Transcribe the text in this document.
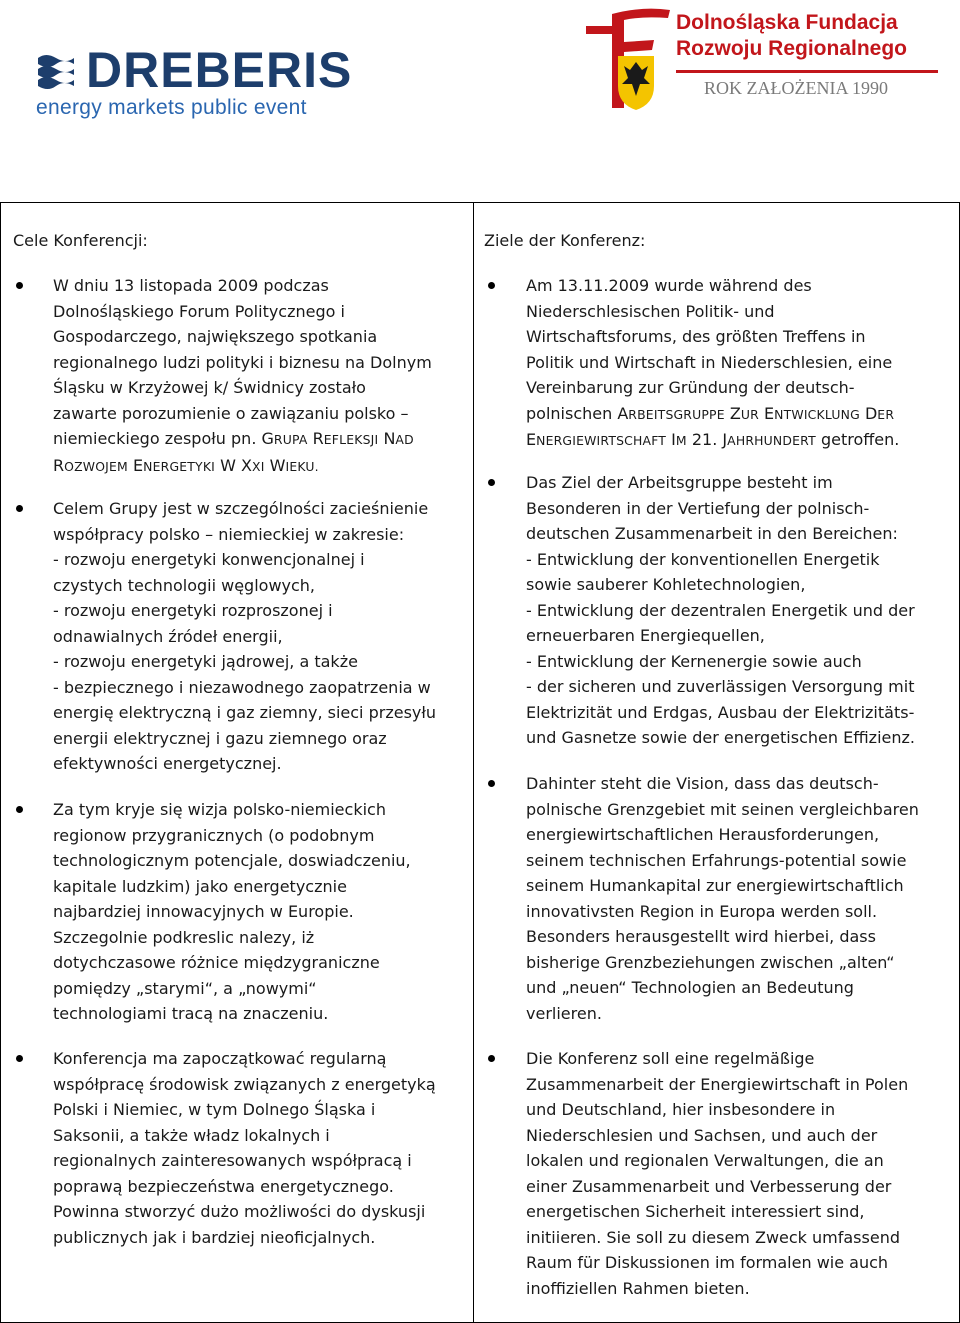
DREBERIS
energy markets public event
Dolnośląska Fundacja
Rozwoju Regionalnego
ROK ZAŁOŻENIA 1990
Cele Konferencji:
W dniu 13 listopada 2009 podczas
Dolnośląskiego Forum Politycznego i
Gospodarczego, największego spotkania
regionalnego ludzi polityki i biznesu na Dolnym
Śląsku w Krzyżowej k/ Świdnicy zostało
zawarte porozumienie o zawiązaniu polsko –
niemieckiego zespołu pn. GRUPA REFLEKSJI NAD
ROZWOJEM ENERGETYKI W XXI WIEKU.
Celem Grupy jest w szczególności zacieśnienie
współpracy polsko – niemieckiej w zakresie:
- rozwoju energetyki konwencjonalnej i
czystych technologii węglowych,
- rozwoju energetyki rozproszonej i
odnawialnych źródeł energii,
- rozwoju energetyki jądrowej, a także
- bezpiecznego i niezawodnego zaopatrzenia w
energię elektryczną i gaz ziemny, sieci przesyłu
energii elektrycznej i gazu ziemnego oraz
efektywności energetycznej.
Za tym kryje się wizja polsko-niemieckich
regionow przygranicznych (o podobnym
technologicznym potencjale, doswiadczeniu,
kapitale ludzkim) jako energetycznie
najbardziej innowacyjnych w Europie.
Szczegolnie podkreslic nalezy, iż
dotychczasowe różnice międzygraniczne
pomiędzy „starymi“, a „nowymi“
technologiami tracą na znaczeniu.
Konferencja ma zapoczątkować regularną
współpracę środowisk związanych z energetyką
Polski i Niemiec, w tym Dolnego Śląska i
Saksonii, a także władz lokalnych i
regionalnych zainteresowanych współpracą i
poprawą bezpieczeństwa energetycznego.
Powinna stworzyć dużo możliwości do dyskusji
publicznych jak i bardziej nieoficjalnych.
Ziele der Konferenz:
Am 13.11.2009 wurde während des
Niederschlesischen Politik- und
Wirtschaftsforums, des größten Treffens in
Politik und Wirtschaft in Niederschlesien, eine
Vereinbarung zur Gründung der deutsch-
polnischen ARBEITSGRUPPE ZUR ENTWICKLUNG DER
ENERGIEWIRTSCHAFT IM 21. JAHRHUNDERT getroffen.
Das Ziel der Arbeitsgruppe besteht im
Besonderen in der Vertiefung der polnisch-
deutschen Zusammenarbeit in den Bereichen:
- Entwicklung der konventionellen Energetik
sowie sauberer Kohletechnologien,
- Entwicklung der dezentralen Energetik und der
erneuerbaren Energiequellen,
- Entwicklung der Kernenergie sowie auch
- der sicheren und zuverlässigen Versorgung mit
Elektrizität und Erdgas, Ausbau der Elektrizitäts-
und Gasnetze sowie der energetischen Effizienz.
Dahinter steht die Vision, dass das deutsch-
polnische Grenzgebiet mit seinen vergleichbaren
energiewirtschaftlichen Herausforderungen,
seinem technischen Erfahrungs-potential sowie
seinem Humankapital zur energiewirtschaftlich
innovativsten Region in Europa werden soll.
Besonders herausgestellt wird hierbei, dass
bisherige Grenzbeziehungen zwischen „alten“
und „neuen“ Technologien an Bedeutung
verlieren.
Die Konferenz soll eine regelmäßige
Zusammenarbeit der Energiewirtschaft in Polen
und Deutschland, hier insbesondere in
Niederschlesien und Sachsen, und auch der
lokalen und regionalen Verwaltungen, die an
einer Zusammenarbeit und Verbesserung der
energetischen Sicherheit interessiert sind,
initiieren. Sie soll zu diesem Zweck umfassend
Raum für Diskussionen im formalen wie auch
inoffiziellen Rahmen bieten.
